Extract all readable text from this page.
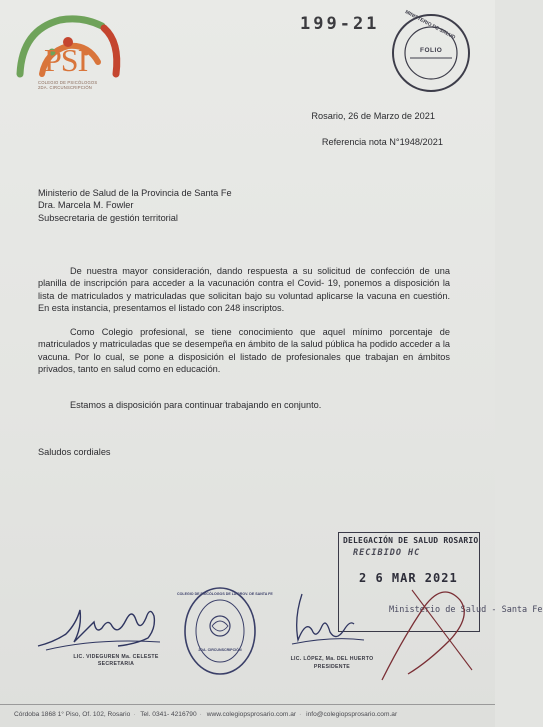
PSI
COLEGIO DE PSICÓLOGOS
2DA. CIRCUNSCRIPCIÓN
199-21	MINISTERIO DE SALUD
FOLIO
Rosario, 26 de Marzo de 2021
Referencia nota N°1948/2021
Ministerio de Salud de la Provincia de Santa Fe
Dra. Marcela M. Fowler
Subsecretaria de gestión territorial
De nuestra mayor consideración, dando respuesta a su solicitud de confección de una planilla de inscripción para acceder a la vacunación contra el Covid- 19, ponemos a disposición la lista de matriculados y matriculadas que solicitan bajo su voluntad aplicarse la vacuna en cuestión. En esta instancia, presentamos el listado con 248 inscriptos.
Como Colegio profesional, se tiene conocimiento que aquel mínimo porcentaje de matriculados y matriculadas que se desempeña en ámbito de la salud pública ha podido acceder a la vacuna. Por lo cual, se pone a disposición el listado de profesionales que trabajan en ámbitos privados, tanto en salud como en educación.
Estamos a disposición para continuar trabajando en conjunto.
Saludos cordiales
DELEGACIÓN DE SALUD ROSARIO
RECIBIDO HC
2 6 MAR 2021
Ministerio de Salud - Santa Fe
LIC. VIDEGUREN Ma. CELESTE
SECRETARIA
COLEGIO DE PSICÓLOGOS DE LA PROV. DE SANTA FE
2DA. CIRCUNSCRIPCIÓN
LIC. LÓPEZ, Ma. DEL HUERTO
PRESIDENTE
Córdoba 1868 1° Piso, Of. 102, Rosario · Tel. 0341- 4216790 · www.colegiopsprosario.com.ar · info@colegiopsprosario.com.ar
